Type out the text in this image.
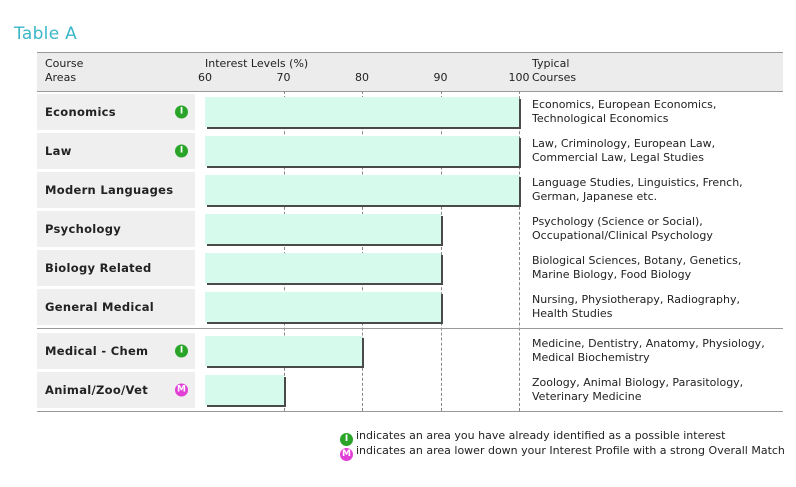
Table A
Course
Areas
Interest Levels (%)	Typical
Courses
60	70	80	90	100
Economics	I
Economics, European Economics,
Technological Economics
Law	I
Law, Criminology, European Law,
Commercial Law, Legal Studies
Modern Languages
Language Studies, Linguistics, French,
German, Japanese etc.
Psychology
Psychology (Science or Social),
Occupational/Clinical Psychology
Biology Related
Biological Sciences, Botany, Genetics,
Marine Biology, Food Biology
General Medical
Nursing, Physiotherapy, Radiography,
Health Studies
Medical - Chem	I
Medicine, Dentistry, Anatomy, Physiology,
Medical Biochemistry
Animal/Zoo/Vet	M
Zoology, Animal Biology, Parasitology,
Veterinary Medicine
I indicates an area you have already identified as a possible interest
M indicates an area lower down your Interest Profile with a strong Overall Match
